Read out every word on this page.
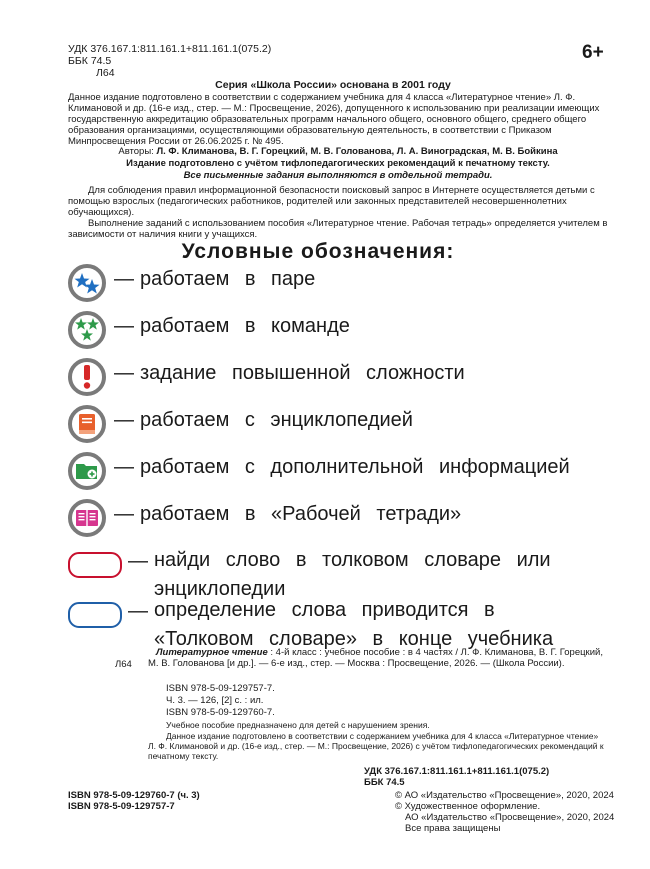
УДК 376.167.1:811.161.1+811.161.1(075.2)
ББК 74.5
Л64
6+
Серия «Школа России» основана в 2001 году

Данное издание подготовлено в соответствии с содержанием учебника для 4 класса «Литературное чтение» Л. Ф. Климановой и др. (16-е изд., стер. — М.: Просвещение, 2026), допущенного к использованию при реализации имеющих государственную аккредитацию образовательных программ начального общего, основного общего, среднего общего образования организациями, осуществляющими образовательную деятельность, в соответствии с Приказом Минпросвещения России от 26.06.2025 г. № 495.

Авторы: Л. Ф. Климанова, В. Г. Горецкий, М. В. Голованова, Л. А. Виноградская, М. В. Бойкина
Издание подготовлено с учётом тифлопедагогических рекомендаций к печатному тексту.
Все письменные задания выполняются в отдельной тетради.

Для соблюдения правил информационной безопасности поисковый запрос в Интернете осуществляется детьми с помощью взрослых (педагогических работников, родителей или законных представителей несовершеннолетних обучающихся).

Выполнение заданий с использованием пособия «Литературное чтение. Рабочая тетрадь» определяется учителем в зависимости от наличия книги у учащихся.

Условные обозначения:
— работаем в паре
— работаем в команде
— задание повышенной сложности
— работаем с энциклопедией
— работаем с дополнительной информацией
— работаем в «Рабочей тетради»
— найди слово в толковом словаре или энциклопедии
— определение слова приводится в «Толковом словаре» в конце учебника
Л64

Литературное чтение : 4-й класс : учебное пособие : в 4 частях / Л. Ф. Климанова, В. Г. Горецкий, М. В. Голованова [и др.]. — 6-е изд., стер. — Москва : Просвещение, 2026. — (Школа России).

ISBN 978-5-09-129757-7.
Ч. 3. — 126, [2] с. : ил.
ISBN 978-5-09-129760-7.

Учебное пособие предназначено для детей с нарушением зрения.

Данное издание подготовлено в соответствии с содержанием учебника для 4 класса «Литературное чтение» Л. Ф. Климановой и др. (16-е изд., стер. — М.: Просвещение, 2026) с учётом тифлопедагогических рекомендаций к печатному тексту.

УДК 376.167.1:811.161.1+811.161.1(075.2)
ББК 74.5
ISBN 978-5-09-129760-7 (ч. 3)
ISBN 978-5-09-129757-7
© АО «Издательство «Просвещение», 2020, 2024
© Художественное оформление.
АО «Издательство «Просвещение», 2020, 2024
Все права защищены
